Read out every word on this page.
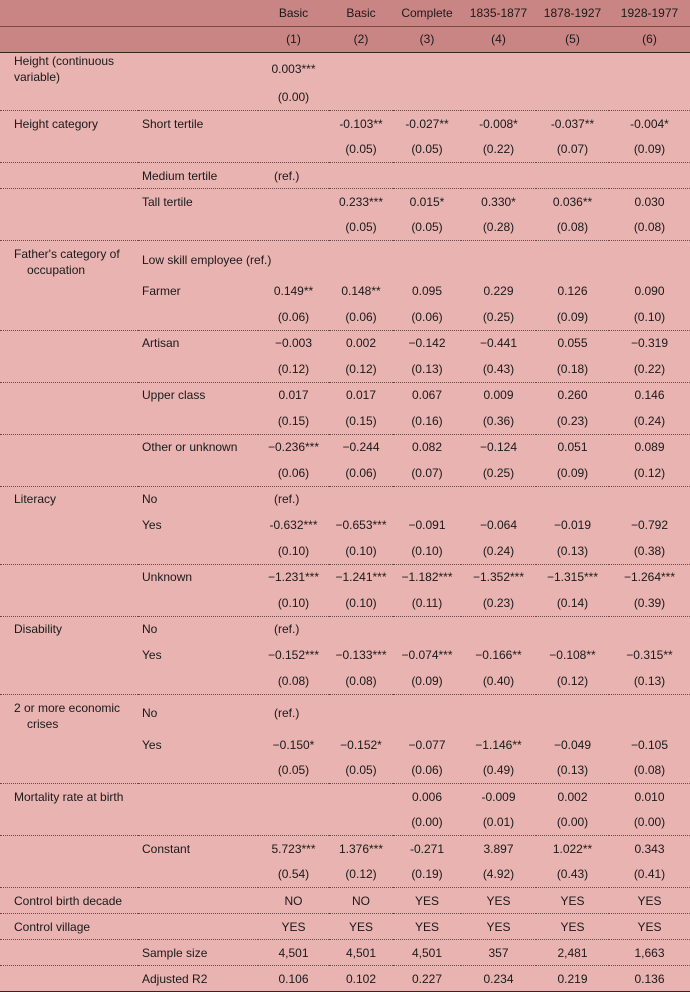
		Basic	Basic	Complete	1835-1877	1878-1927	1928-1977
		(1)	(2)	(3)	(4)	(5)	(6)
Height (continuous variable)		0.003***					
		(0.00)					
Height category	Short tertile		-0.103**	-0.027**	-0.008*	-0.037**	-0.004*
			(0.05)	(0.05)	(0.22)	(0.07)	(0.09)
	Medium tertile	(ref.)					
	Tall tertile		0.233***	0.015*	0.330*	0.036**	0.030
			(0.05)	(0.05)	(0.28)	(0.08)	(0.08)
Father's category of
occupation	Low skill employee (ref.)						
	Farmer	0.149**	0.148**	0.095	0.229	0.126	0.090
		(0.06)	(0.06)	(0.06)	(0.25)	(0.09)	(0.10)
	Artisan	−0.003	0.002	−0.142	−0.441	0.055	−0.319
		(0.12)	(0.12)	(0.13)	(0.43)	(0.18)	(0.22)
	Upper class	0.017	0.017	0.067	0.009	0.260	0.146
		(0.15)	(0.15)	(0.16)	(0.36)	(0.23)	(0.24)
	Other or unknown	−0.236***	−0.244	0.082	−0.124	0.051	0.089
		(0.06)	(0.06)	(0.07)	(0.25)	(0.09)	(0.12)
Literacy	No	(ref.)					
	Yes	-0.632***	−0.653***	−0.091	−0.064	−0.019	−0.792
		(0.10)	(0.10)	(0.10)	(0.24)	(0.13)	(0.38)
	Unknown	−1.231***	−1.241***	−1.182***	−1.352***	−1.315***	−1.264***
		(0.10)	(0.10)	(0.11)	(0.23)	(0.14)	(0.39)
Disability	No	(ref.)					
	Yes	−0.152***	−0.133***	−0.074***	−0.166**	−0.108**	−0.315**
		(0.08)	(0.08)	(0.09)	(0.40)	(0.12)	(0.13)
2 or more economic
crises	No	(ref.)					
	Yes	−0.150*	−0.152*	−0.077	−1.146**	−0.049	−0.105
		(0.05)	(0.05)	(0.06)	(0.49)	(0.13)	(0.08)
Mortality rate at birth				0.006	-0.009	0.002	0.010
				(0.00)	(0.01)	(0.00)	(0.00)
	Constant	5.723***	1.376***	-0.271	3.897	1.022**	0.343
		(0.54)	(0.12)	(0.19)	(4.92)	(0.43)	(0.41)
Control birth decade		NO	NO	YES	YES	YES	YES
Control village		YES	YES	YES	YES	YES	YES
	Sample size	4,501	4,501	4,501	357	2,481	1,663
	Adjusted R2	0.106	0.102	0.227	0.234	0.219	0.136
